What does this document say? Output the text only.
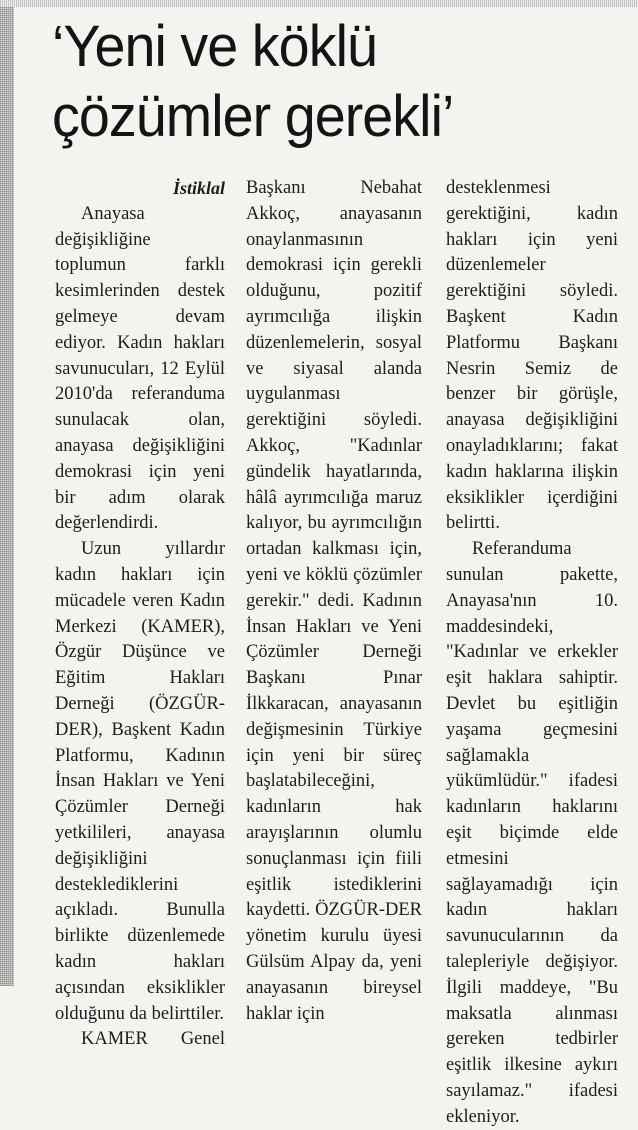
‘Yeni ve köklü
çözümler gerekli’
İstiklal

Anayasa değişikliğine toplumun farklı kesimlerinden destek gelmeye devam ediyor. Kadın hakları savunucuları, 12 Eylül 2010'da referanduma sunulacak olan, anayasa değişikliğini demokrasi için yeni bir adım olarak değerlendirdi.

Uzun yıllardır kadın hakları için mücadele veren Kadın Merkezi (KAMER), Özgür Düşünce ve Eğitim Hakları Derneği (ÖZGÜR-DER), Başkent Kadın Platformu, Kadının İnsan Hakları ve Yeni Çözümler Derneği yetkilileri, anayasa değişikliğini desteklediklerini açıkladı. Bunulla birlikte düzenlemede kadın hakları açısından eksiklikler olduğunu da belirttiler.

KAMER Genel

Başkanı Nebahat Akkoç, anayasanın onaylanmasının demokrasi için gerekli olduğunu, pozitif ayrımcılığa ilişkin düzenlemelerin, sosyal ve siyasal alanda uygulanması gerektiğini söyledi. Akkoç, "Kadınlar gündelik hayatlarında, hâlâ ayrımcılığa maruz kalıyor, bu ayrımcılığın ortadan kalkması için, yeni ve köklü çözümler gerekir." dedi. Kadının İnsan Hakları ve Yeni Çözümler Derneği Başkanı Pınar İlkkaracan, anayasanın değişmesinin Türkiye için yeni bir süreç başlatabileceğini, kadınların hak arayışlarının olumlu sonuçlanması için fiili eşitlik istediklerini kaydetti. ÖZGÜR-DER yönetim kurulu üyesi Gülsüm Alpay da, yeni anayasanın bireysel haklar için

desteklenmesi gerektiğini, kadın hakları için yeni düzenlemeler gerektiğini söyledi. Başkent Kadın Platformu Başkanı Nesrin Semiz de benzer bir görüşle, anayasa değişikliğini onayladıklarını; fakat kadın haklarına ilişkin eksiklikler içerdiğini belirtti.

Referanduma sunulan pakette, Anayasa'nın 10. maddesindeki, "Kadınlar ve erkekler eşit haklara sahiptir. Devlet bu eşitliğin yaşama geçmesini sağlamakla yükümlüdür." ifadesi kadınların haklarını eşit biçimde elde etmesini sağlayamadığı için kadın hakları savunucularının da talepleriyle değişiyor. İlgili maddeye, "Bu maksatla alınması gereken tedbirler eşitlik ilkesine aykırı sayılamaz." ifadesi ekleniyor.
